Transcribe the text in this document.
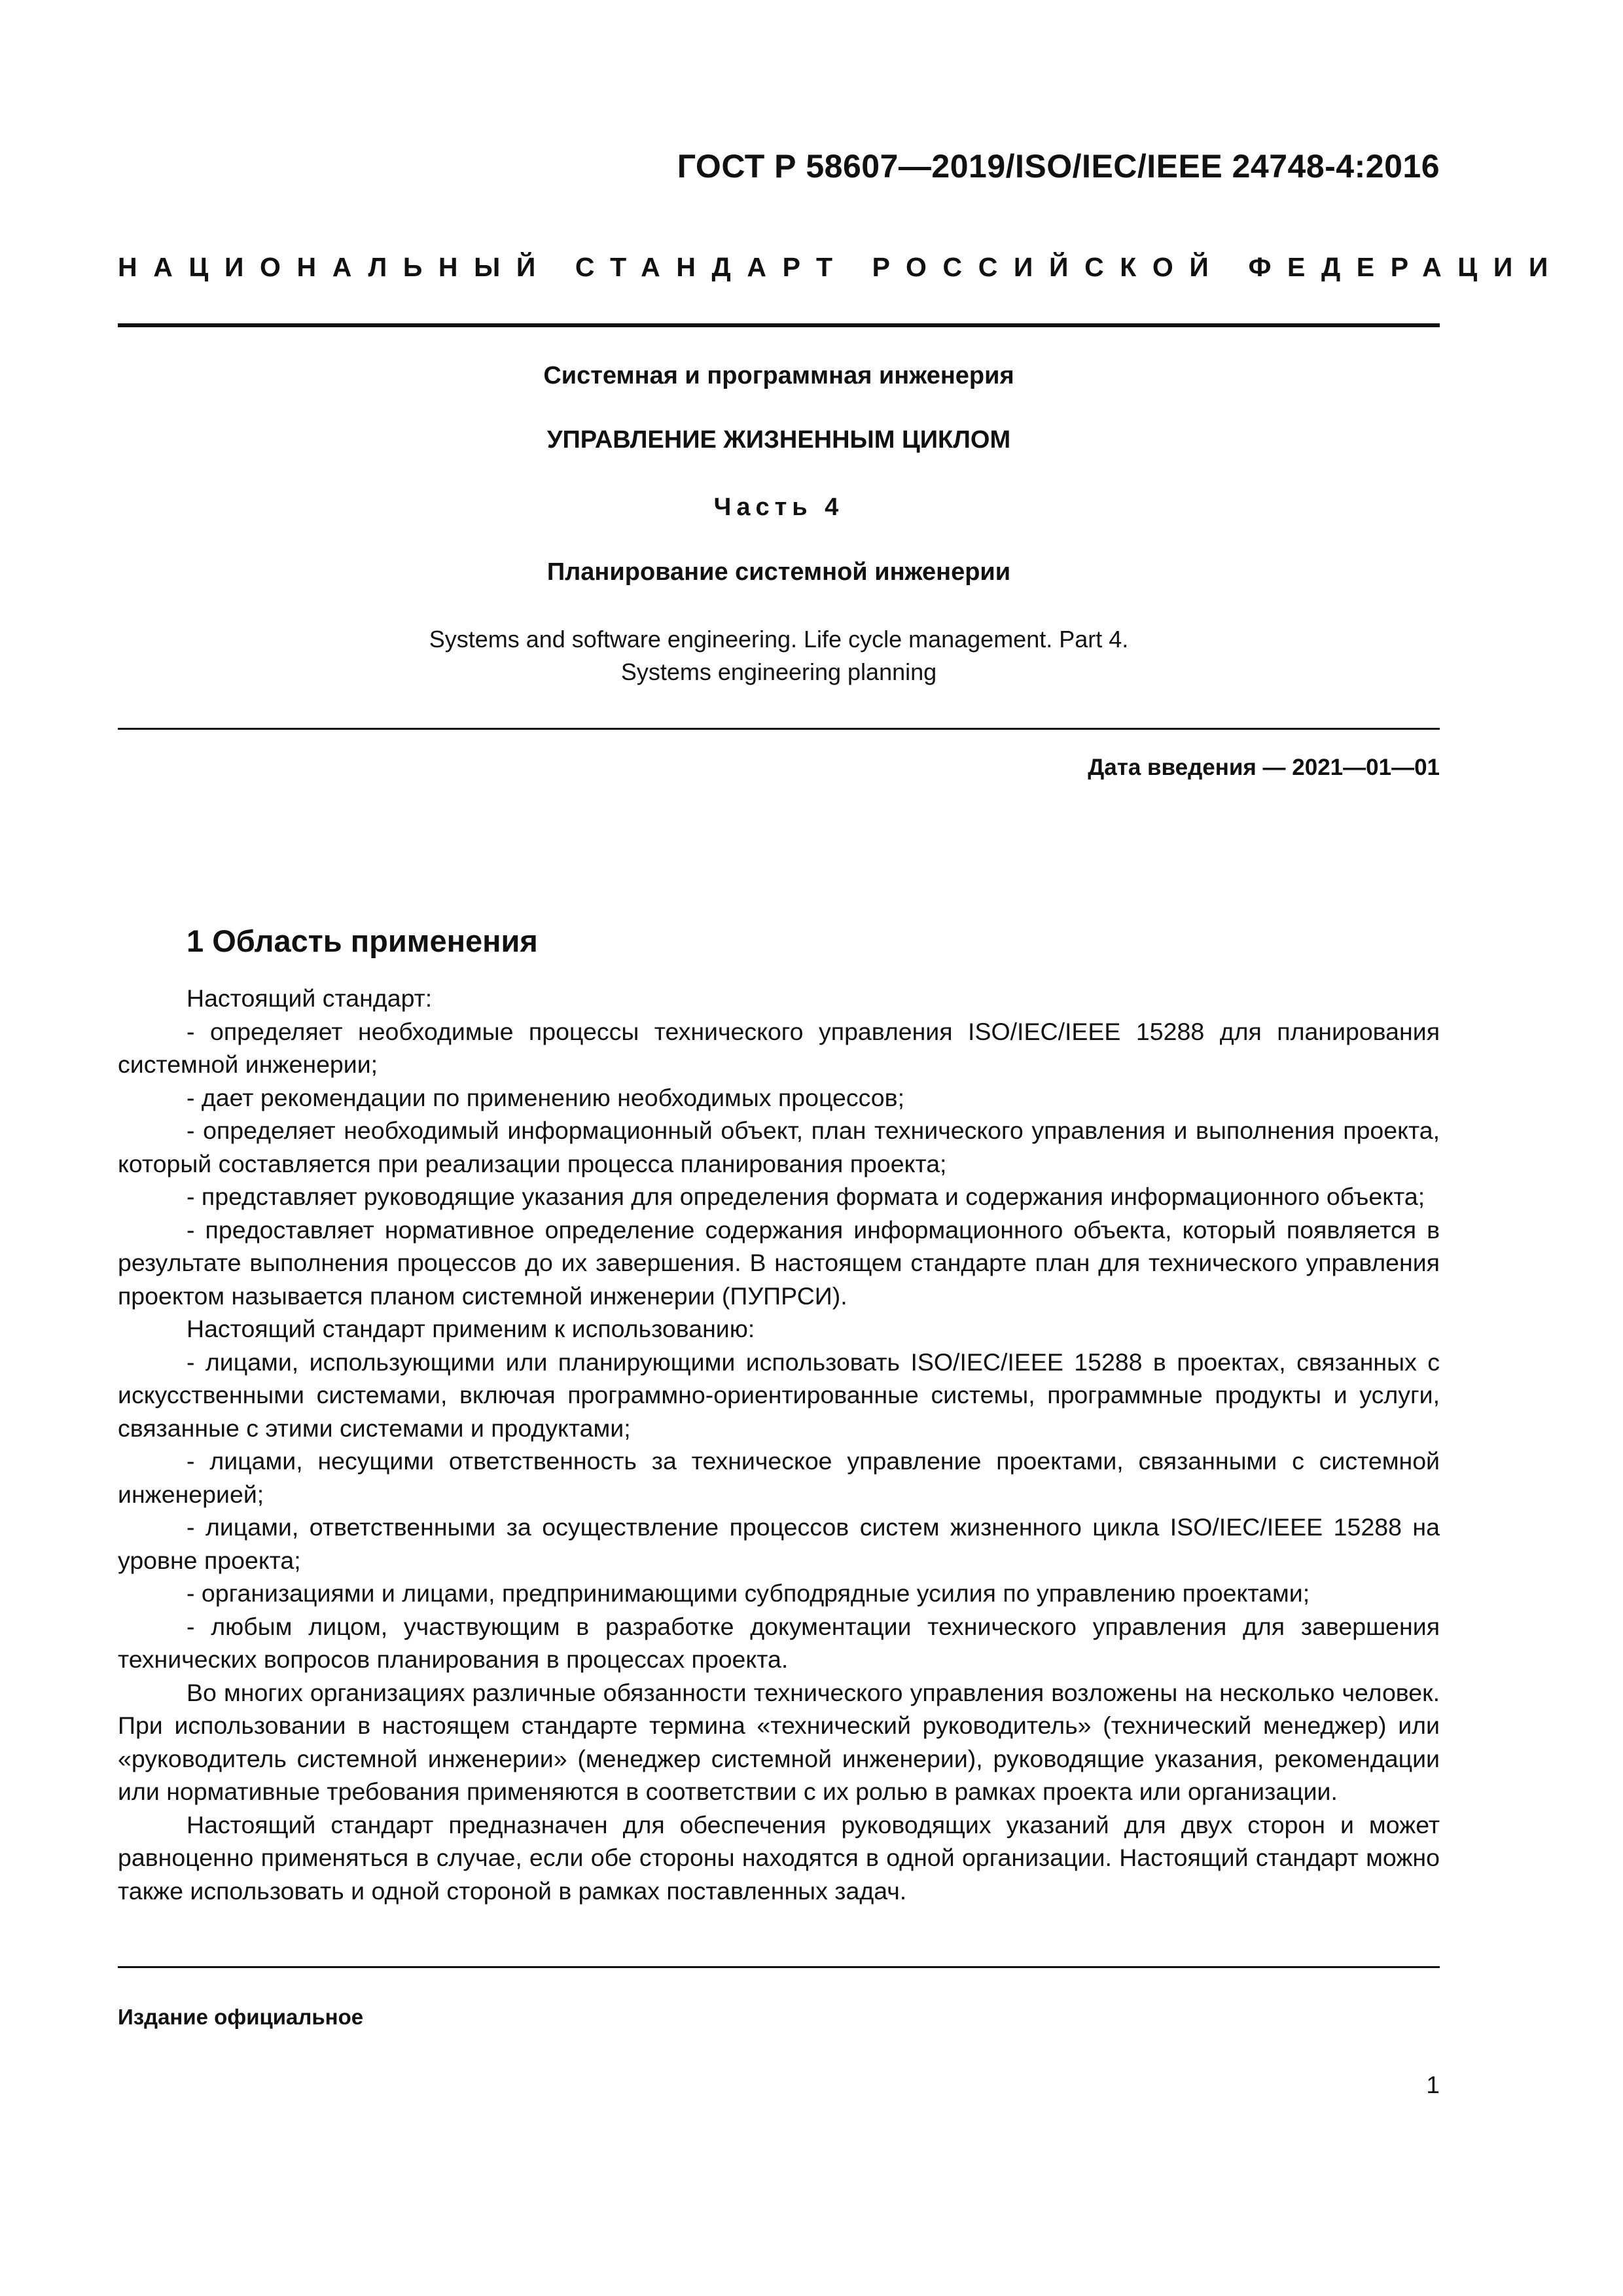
ГОСТ Р 58607—2019/ISO/IEC/IEEE 24748-4:2016
НАЦИОНАЛЬНЫЙ СТАНДАРТ РОССИЙСКОЙ ФЕДЕРАЦИИ
Системная и программная инженерия
УПРАВЛЕНИЕ ЖИЗНЕННЫМ ЦИКЛОМ
Часть 4
Планирование системной инженерии
Systems and software engineering. Life cycle management. Part 4.
Systems engineering planning
Дата введения — 2021—01—01
1 Область применения

Настоящий стандарт:

- определяет необходимые процессы технического управления ISO/IEC/IEEE 15288 для планирования системной инженерии;

- дает рекомендации по применению необходимых процессов;

- определяет необходимый информационный объект, план технического управления и выполнения проекта, который составляется при реализации процесса планирования проекта;

- представляет руководящие указания для определения формата и содержания информационного объекта;

- предоставляет нормативное определение содержания информационного объекта, который появляется в результате выполнения процессов до их завершения. В настоящем стандарте план для технического управления проектом называется планом системной инженерии (ПУПРСИ).

Настоящий стандарт применим к использованию:

- лицами, использующими или планирующими использовать ISO/IEC/IEEE 15288 в проектах, связанных с искусственными системами, включая программно-ориентированные системы, программные продукты и услуги, связанные с этими системами и продуктами;

- лицами, несущими ответственность за техническое управление проектами, связанными с системной инженерией;

- лицами, ответственными за осуществление процессов систем жизненного цикла ISO/IEC/IEEE 15288 на уровне проекта;

- организациями и лицами, предпринимающими субподрядные усилия по управлению проектами;

- любым лицом, участвующим в разработке документации технического управления для завершения технических вопросов планирования в процессах проекта.

Во многих организациях различные обязанности технического управления возложены на несколько человек. При использовании в настоящем стандарте термина «технический руководитель» (технический менеджер) или «руководитель системной инженерии» (менеджер системной инженерии), руководящие указания, рекомендации или нормативные требования применяются в соответствии с их ролью в рамках проекта или организации.

Настоящий стандарт предназначен для обеспечения руководящих указаний для двух сторон и может равноценно применяться в случае, если обе стороны находятся в одной организации. Настоящий стандарт можно также использовать и одной стороной в рамках поставленных задач.

Издание официальное
1
